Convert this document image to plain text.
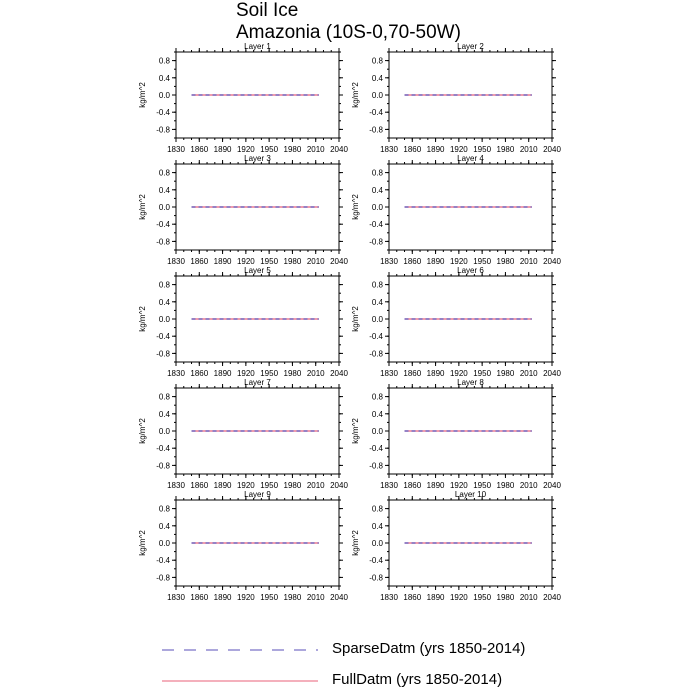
Soil Ice
Amazonia (10S-0,70-50W)
Layer 1
kg/m^2
0.8
0.4
0.0
-0.4
-0.8
1830 1860 1890 1920 1950 1980 2010 2040
Layer 2
kg/m^2
0.8
0.4
0.0
-0.4
-0.8
1830 1860 1890 1920 1950 1980 2010 2040
Layer 3
kg/m^2
0.8
0.4
0.0
-0.4
-0.8
1830 1860 1890 1920 1950 1980 2010 2040
Layer 4
kg/m^2
0.8
0.4
0.0
-0.4
-0.8
1830 1860 1890 1920 1950 1980 2010 2040
Layer 5
kg/m^2
0.8
0.4
0.0
-0.4
-0.8
1830 1860 1890 1920 1950 1980 2010 2040
Layer 6
kg/m^2
0.8
0.4
0.0
-0.4
-0.8
1830 1860 1890 1920 1950 1980 2010 2040
Layer 7
kg/m^2
0.8
0.4
0.0
-0.4
-0.8
1830 1860 1890 1920 1950 1980 2010 2040
Layer 8
kg/m^2
0.8
0.4
0.0
-0.4
-0.8
1830 1860 1890 1920 1950 1980 2010 2040
Layer 9
kg/m^2
0.8
0.4
0.0
-0.4
-0.8
1830 1860 1890 1920 1950 1980 2010 2040
Layer 10
kg/m^2
0.8
0.4
0.0
-0.4
-0.8
1830 1860 1890 1920 1950 1980 2010 2040
SparseDatm (yrs 1850-2014)
FullDatm (yrs 1850-2014)
